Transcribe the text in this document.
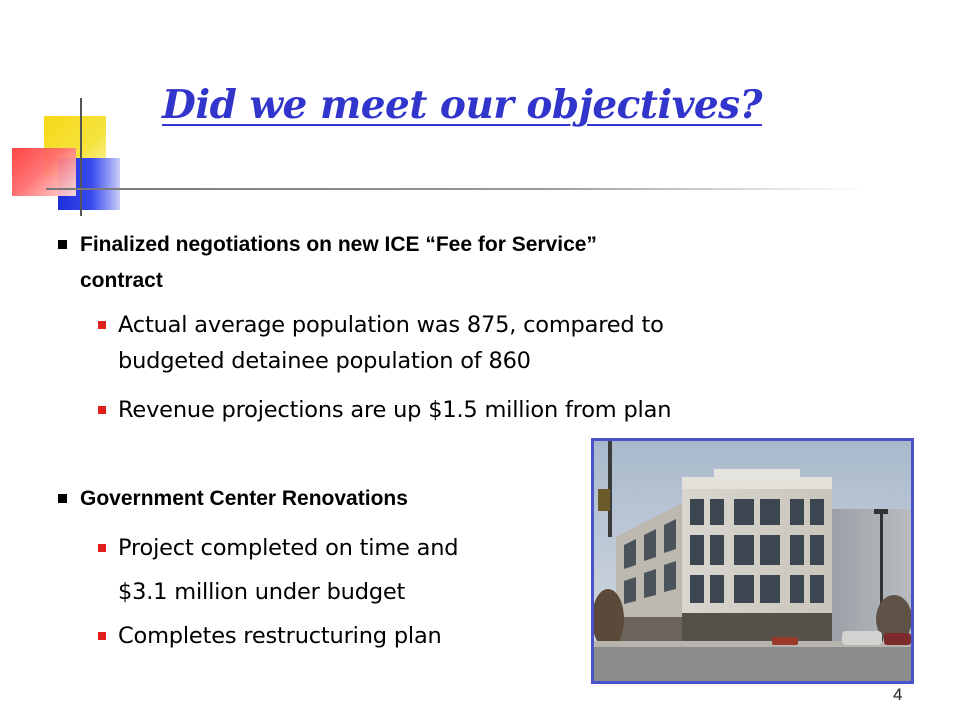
Did we meet our objectives?

Finalized negotiations on new ICE “Fee for Service”

contract

Actual average population was 875, compared to

budgeted detainee population of 860

Revenue projections are up $1.5 million from plan

Government Center Renovations

Project completed on time and

$3.1 million under budget

Completes restructuring plan

4
